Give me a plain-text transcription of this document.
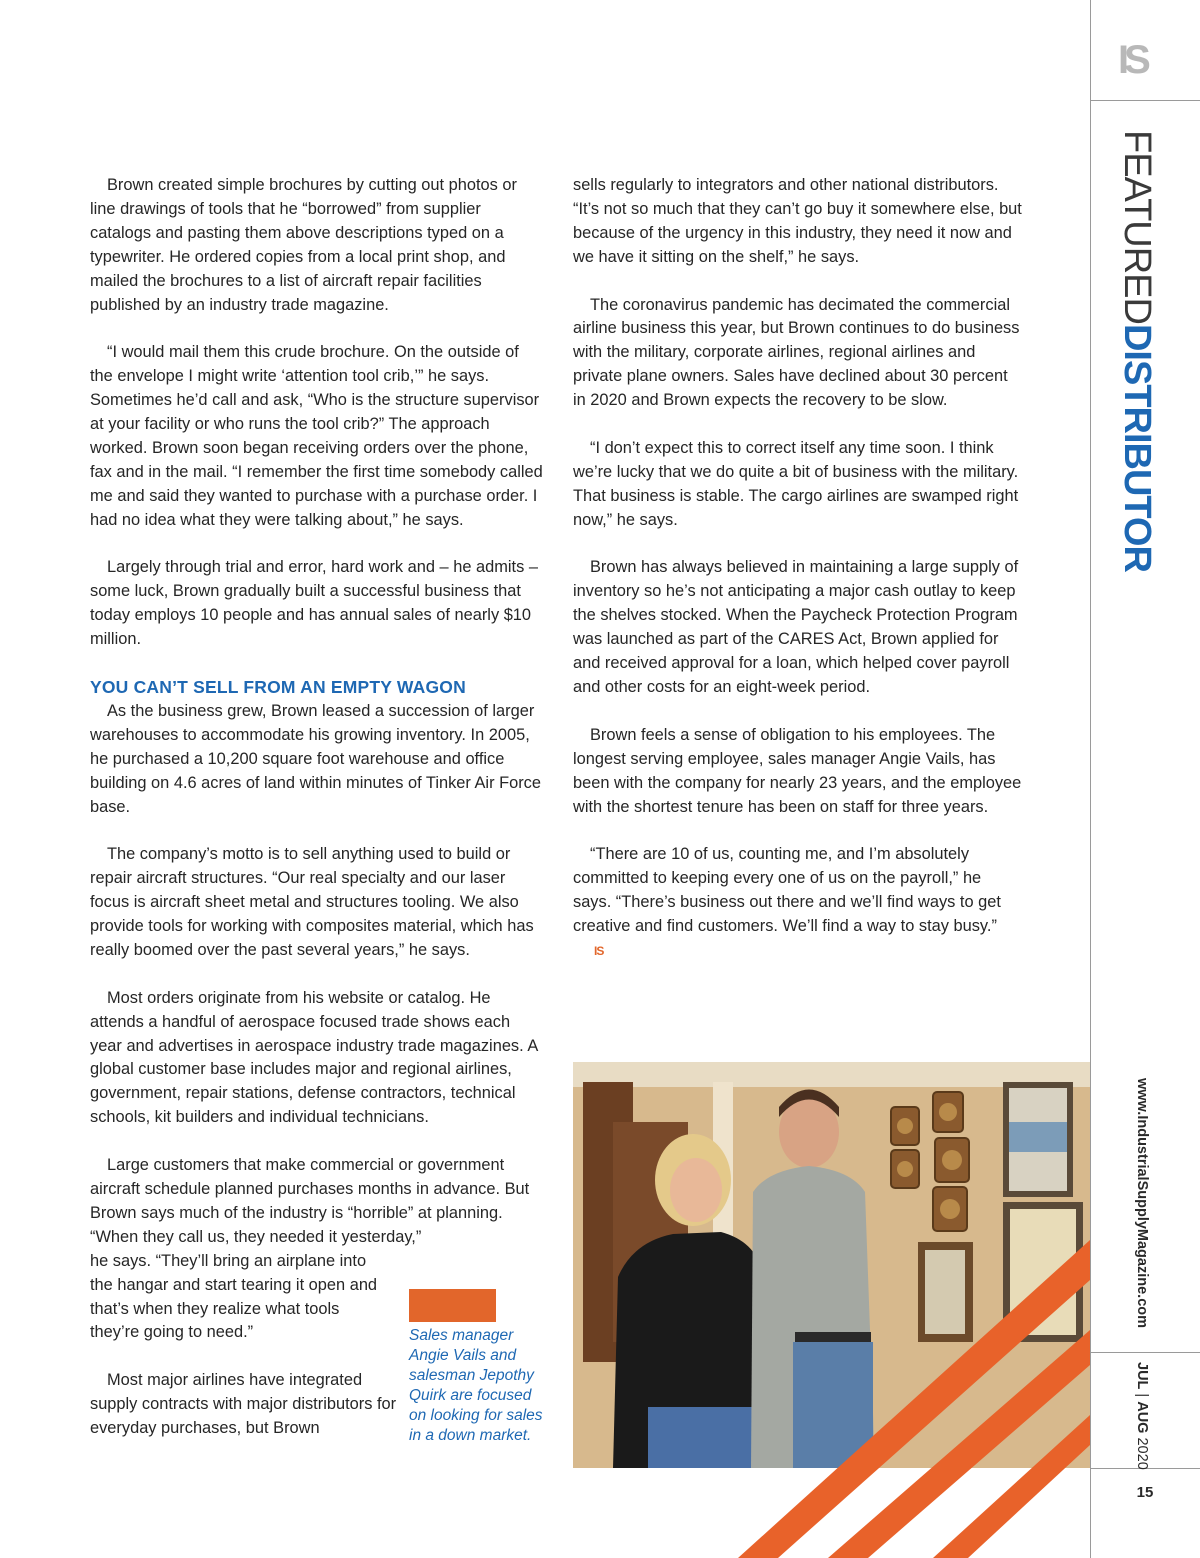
IS
FEATUREDDISTRIBUTOR
www.IndustrialSupplyMagazine.com
JUL | AUG 2020
15

Brown created simple brochures by cutting out photos or line drawings of tools that he “borrowed” from supplier catalogs and pasting them above descriptions typed on a typewriter. He ordered copies from a local print shop, and mailed the brochures to a list of aircraft repair facilities published by an industry trade magazine.

“I would mail them this crude brochure. On the outside of the envelope I might write ‘attention tool crib,’” he says. Sometimes he’d call and ask, “Who is the structure supervisor at your facility or who runs the tool crib?” The approach worked. Brown soon began receiving orders over the phone, fax and in the mail. “I remember the first time somebody called me and said they wanted to purchase with a purchase order. I had no idea what they were talking about,” he says.

Largely through trial and error, hard work and – he admits – some luck, Brown gradually built a successful business that today employs 10 people and has annual sales of nearly $10 million.

YOU CAN’T SELL FROM AN EMPTY WAGON

As the business grew, Brown leased a succession of larger warehouses to accommodate his growing inventory. In 2005, he purchased a 10,200 square foot warehouse and office building on 4.6 acres of land within minutes of Tinker Air Force base.

The company’s motto is to sell anything used to build or repair aircraft structures. “Our real specialty and our laser focus is aircraft sheet metal and structures tooling. We also provide tools for working with composites material, which has really boomed over the past several years,” he says.

Most orders originate from his website or catalog. He attends a handful of aerospace focused trade shows each year and advertises in aerospace industry trade magazines. A global customer base includes major and regional airlines, government, repair stations, defense contractors, technical schools, kit builders and individual technicians.

Large customers that make commercial or government aircraft schedule planned purchases months in advance. But Brown says much of the industry is “horrible” at planning. “When they call us, they needed it yesterday,”

he says. “They’ll bring an airplane into the hangar and start tearing it open and that’s when they realize what tools they’re going to need.”

Most major airlines have integrated supply contracts with major distributors for everyday purchases, but Brown

sells regularly to integrators and other national distributors. “It’s not so much that they can’t go buy it somewhere else, but because of the urgency in this industry, they need it now and we have it sitting on the shelf,” he says.

The coronavirus pandemic has decimated the commercial airline business this year, but Brown continues to do business with the military, corporate airlines, regional airlines and private plane owners. Sales have declined about 30 percent in 2020 and Brown expects the recovery to be slow.

“I don’t expect this to correct itself any time soon. I think we’re lucky that we do quite a bit of business with the military. That business is stable. The cargo airlines are swamped right now,” he says.

Brown has always believed in maintaining a large supply of inventory so he’s not anticipating a major cash outlay to keep the shelves stocked. When the Paycheck Protection Program was launched as part of the CARES Act, Brown applied for and received approval for a loan, which helped cover payroll and other costs for an eight-week period.

Brown feels a sense of obligation to his employees. The longest serving employee, sales manager Angie Vails, has been with the company for nearly 23 years, and the employee with the shortest tenure has been on staff for three years.

“There are 10 of us, counting me, and I’m absolutely committed to keeping every one of us on the payroll,” he says. “There’s business out there and we’ll find ways to get creative and find customers. We’ll find a way to stay busy.”IS

Sales manager Angie Vails and salesman Jepothy Quirk are focused on looking for sales in a down market.
